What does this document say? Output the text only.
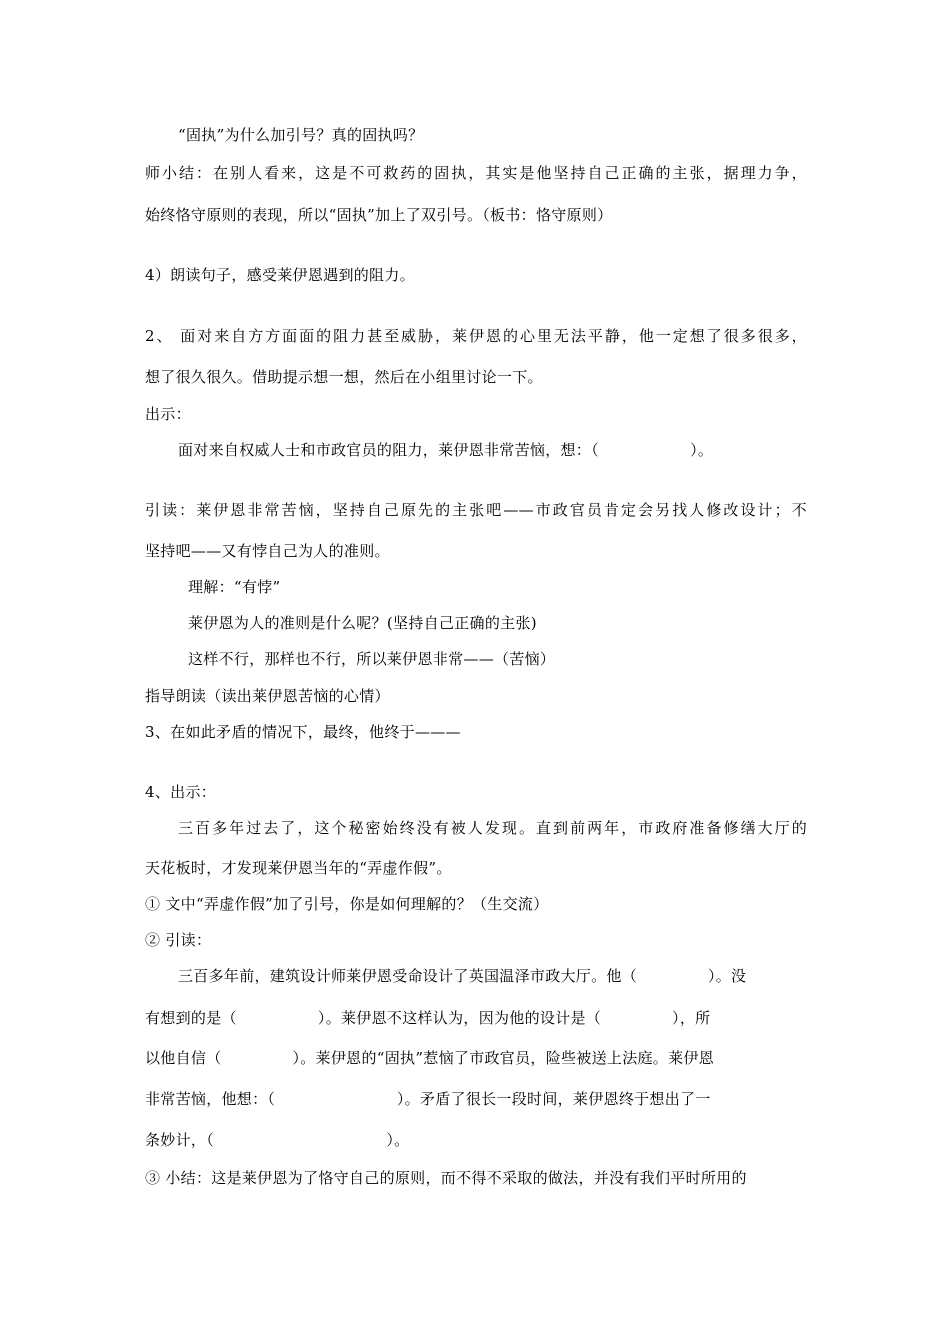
“固执”为什么加引号？真的固执吗？
师小结：在别人看来，这是不可救药的固执，其实是他坚持自己正确的主张，据理力争，
始终恪守原则的表现，所以“固执”加上了双引号。（板书：恪守原则）
4）朗读句子，感受莱伊恩遇到的阻力。
2、 面对来自方方面面的阻力甚至威胁，莱伊恩的心里无法平静，他一定想了很多很多，
想了很久很久。借助提示想一想，然后在小组里讨论一下。
出示：
面对来自权威人士和市政官员的阻力，莱伊恩非常苦恼，想：（                  ）。
引读：莱伊恩非常苦恼，坚持自己原先的主张吧——市政官员肯定会另找人修改设计；不
坚持吧——又有悖自己为人的准则。
理解：“有悖”
莱伊恩为人的准则是什么呢？(坚持自己正确的主张)
这样不行，那样也不行，所以莱伊恩非常——（苦恼）
指导朗读（读出莱伊恩苦恼的心情）
3、在如此矛盾的情况下，最终，他终于———
4、出示：
三百多年过去了，这个秘密始终没有被人发现。直到前两年，市政府准备修缮大厅的
天花板时，才发现莱伊恩当年的“弄虚作假”。
① 文中“弄虚作假”加了引号，你是如何理解的？（生交流）
② 引读：
三百多年前，建筑设计师莱伊恩受命设计了英国温泽市政大厅。他（              ）。没
有想到的是（                ）。莱伊恩不这样认为，因为他的设计是（              ），所
以他自信（              ）。莱伊恩的“固执”惹恼了市政官员，险些被送上法庭。莱伊恩
非常苦恼，他想：（                        ）。矛盾了很长一段时间，莱伊恩终于想出了一
条妙计，（                                  ）。
③ 小结：这是莱伊恩为了恪守自己的原则，而不得不采取的做法，并没有我们平时所用的
